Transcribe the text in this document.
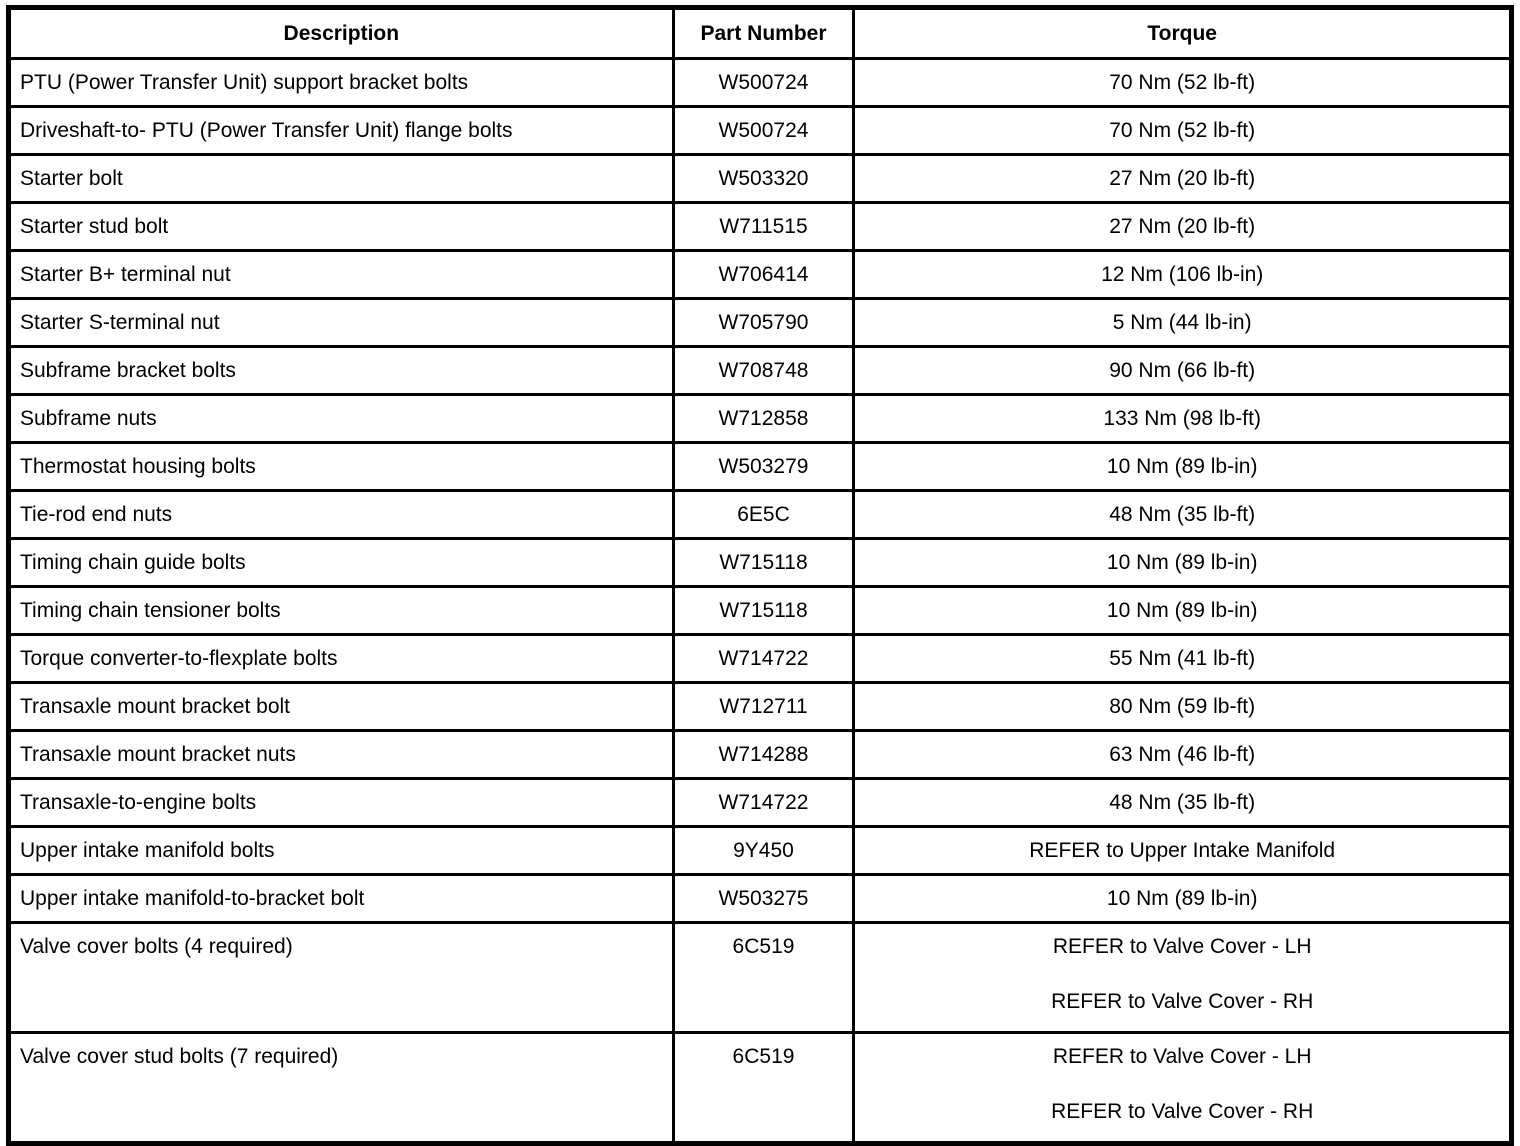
Description	Part Number	Torque
PTU (Power Transfer Unit) support bracket bolts	W500724	70 Nm (52 lb-ft)
Driveshaft-to- PTU (Power Transfer Unit) flange bolts	W500724	70 Nm (52 lb-ft)
Starter bolt	W503320	27 Nm (20 lb-ft)
Starter stud bolt	W711515	27 Nm (20 lb-ft)
Starter B+ terminal nut	W706414	12 Nm (106 lb-in)
Starter S-terminal nut	W705790	5 Nm (44 lb-in)
Subframe bracket bolts	W708748	90 Nm (66 lb-ft)
Subframe nuts	W712858	133 Nm (98 lb-ft)
Thermostat housing bolts	W503279	10 Nm (89 lb-in)
Tie-rod end nuts	6E5C	48 Nm (35 lb-ft)
Timing chain guide bolts	W715118	10 Nm (89 lb-in)
Timing chain tensioner bolts	W715118	10 Nm (89 lb-in)
Torque converter-to-flexplate bolts	W714722	55 Nm (41 lb-ft)
Transaxle mount bracket bolt	W712711	80 Nm (59 lb-ft)
Transaxle mount bracket nuts	W714288	63 Nm (46 lb-ft)
Transaxle-to-engine bolts	W714722	48 Nm (35 lb-ft)
Upper intake manifold bolts	9Y450	REFER to Upper Intake Manifold
Upper intake manifold-to-bracket bolt	W503275	10 Nm (89 lb-in)
Valve cover bolts (4 required)	6C519	REFER to Valve Cover - LH
REFER to Valve Cover - RH

Valve cover stud bolts (7 required)	6C519	REFER to Valve Cover - LH
REFER to Valve Cover - RH
